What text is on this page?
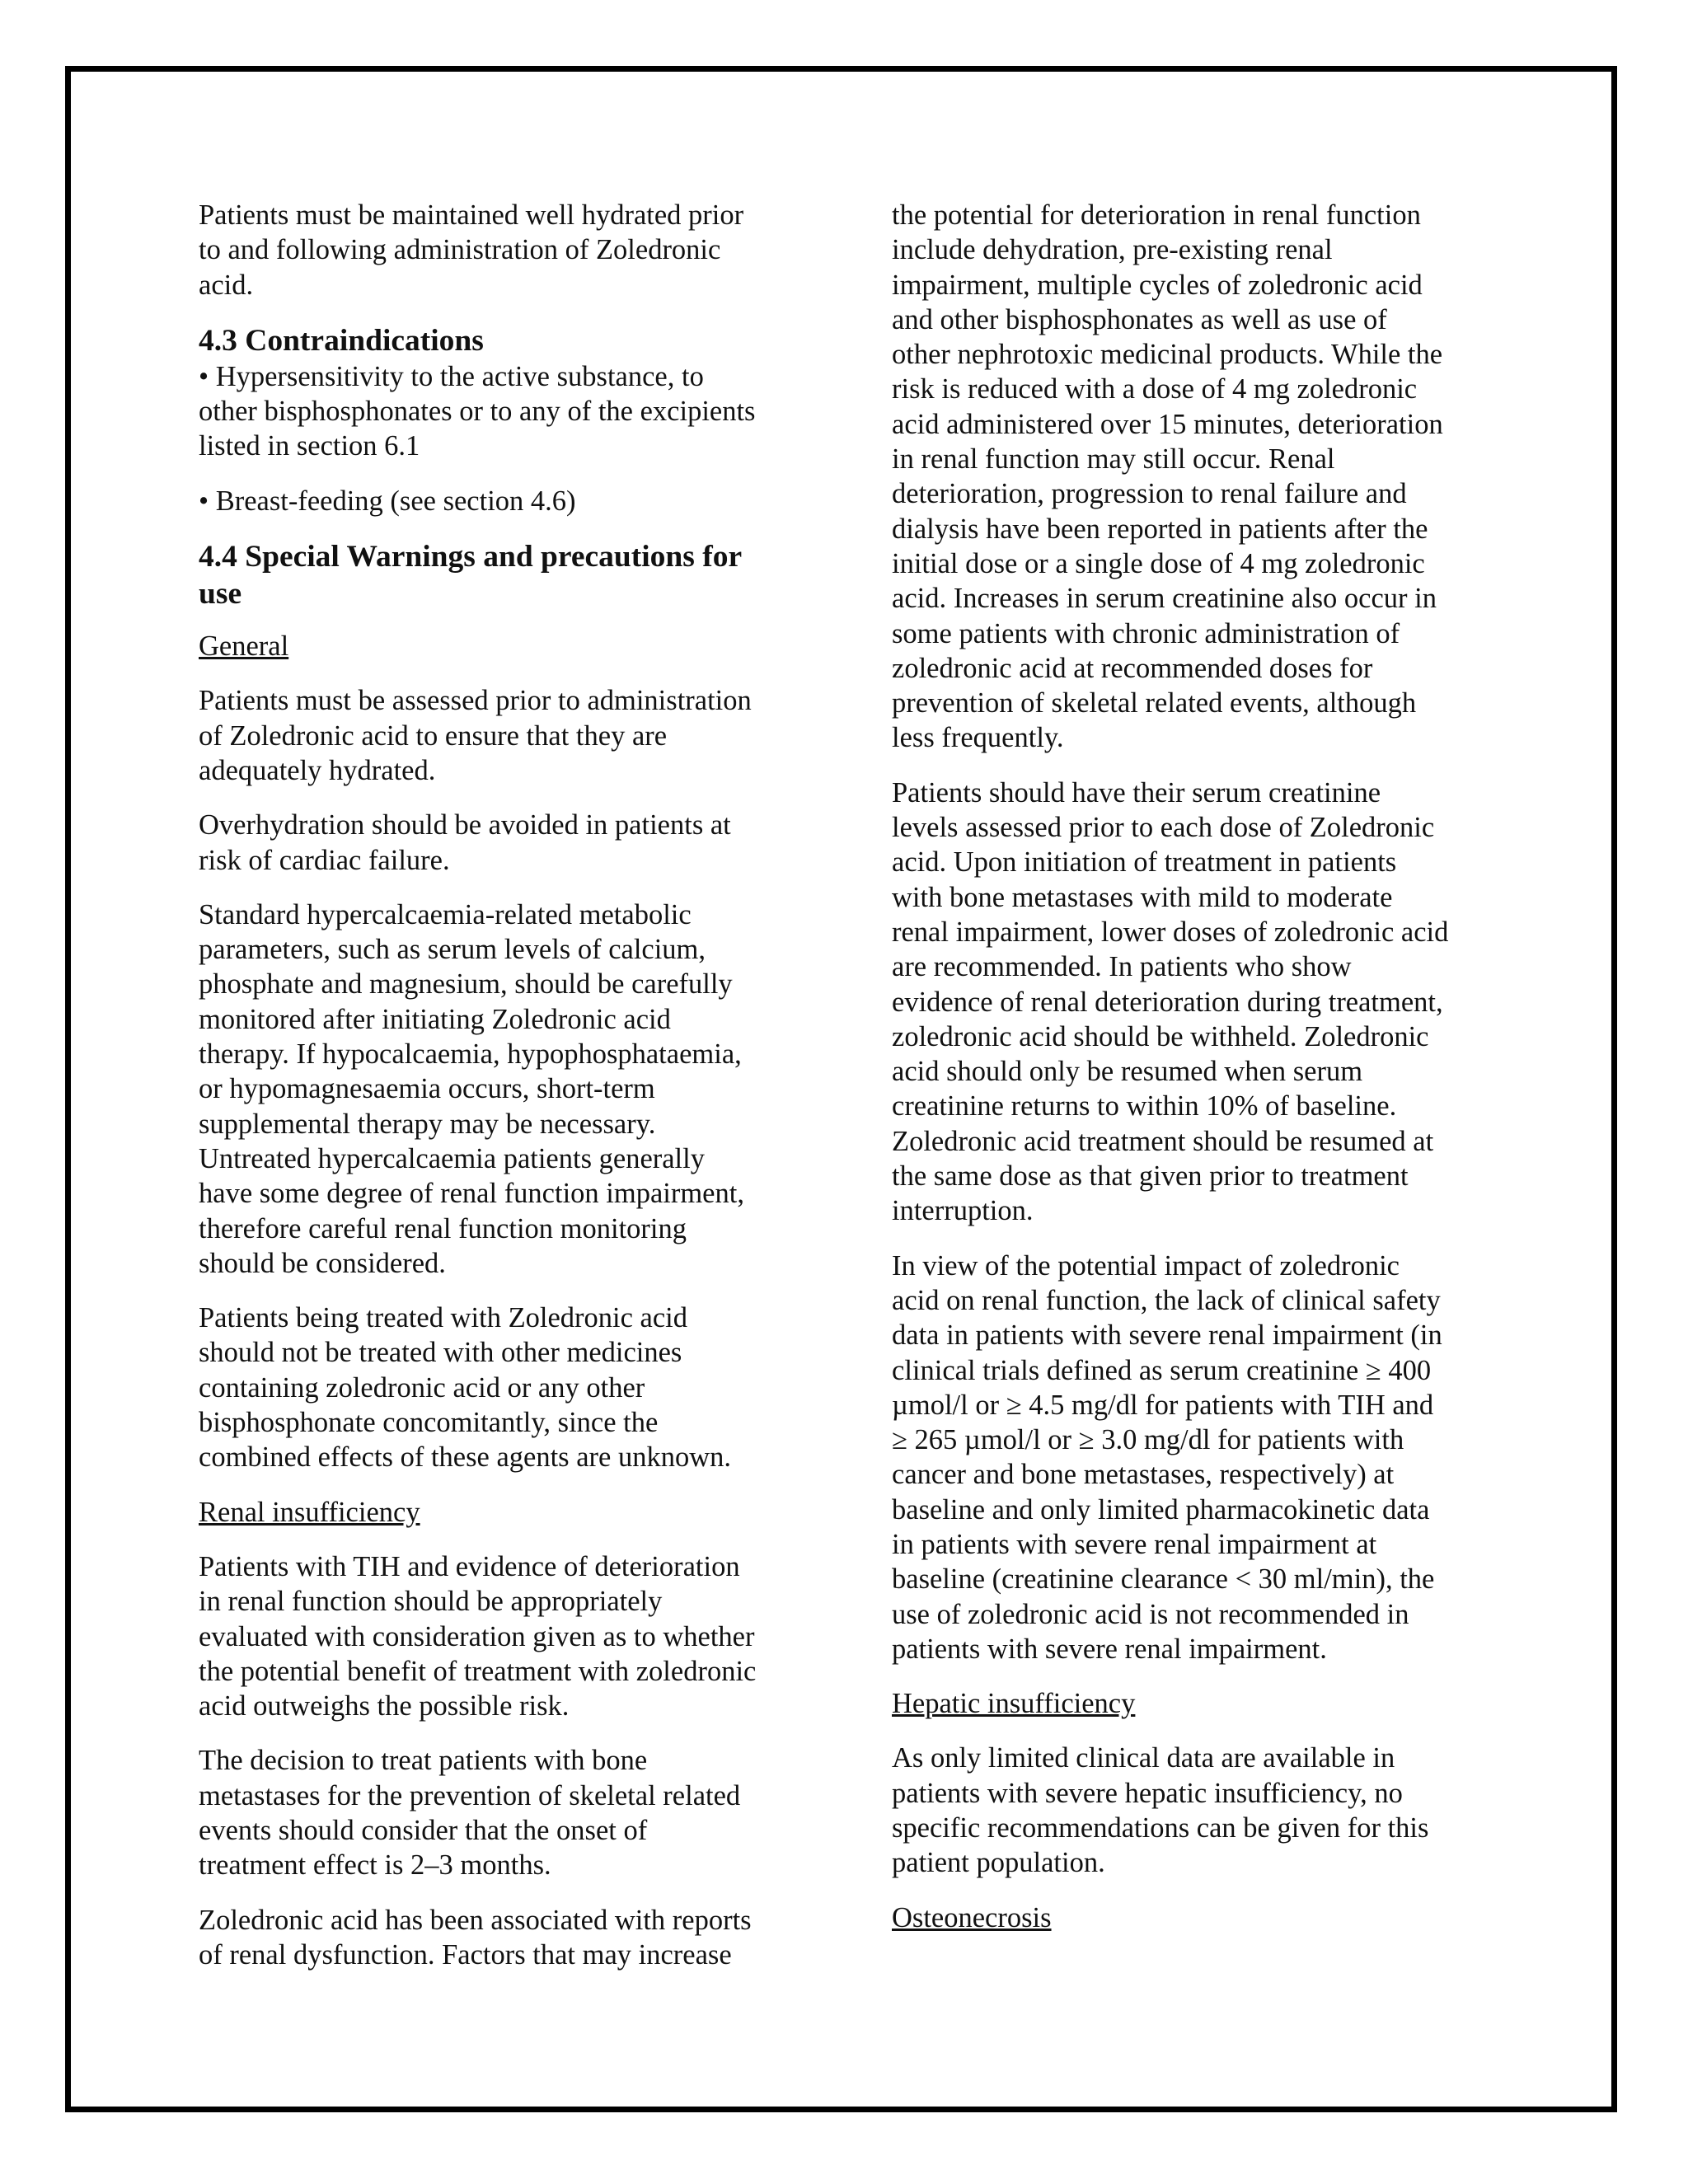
Patients must be maintained well hydrated prior
to and following administration of Zoledronic
acid.
4.3 Contraindications
• Hypersensitivity to the active substance, to
other bisphosphonates or to any of the excipients
listed in section 6.1
• Breast-feeding (see section 4.6)
4.4 Special Warnings and precautions for
use
General
Patients must be assessed prior to administration
of Zoledronic acid to ensure that they are
adequately hydrated.
Overhydration should be avoided in patients at
risk of cardiac failure.
Standard hypercalcaemia-related metabolic
parameters, such as serum levels of calcium,
phosphate and magnesium, should be carefully
monitored after initiating Zoledronic acid
therapy. If hypocalcaemia, hypophosphataemia,
or hypomagnesaemia occurs, short-term
supplemental therapy may be necessary.
Untreated hypercalcaemia patients generally
have some degree of renal function impairment,
therefore careful renal function monitoring
should be considered.
Patients being treated with Zoledronic acid
should not be treated with other medicines
containing zoledronic acid or any other
bisphosphonate concomitantly, since the
combined effects of these agents are unknown.
Renal insufficiency
Patients with TIH and evidence of deterioration
in renal function should be appropriately
evaluated with consideration given as to whether
the potential benefit of treatment with zoledronic
acid outweighs the possible risk.
The decision to treat patients with bone
metastases for the prevention of skeletal related
events should consider that the onset of
treatment effect is 2–3 months.
Zoledronic acid has been associated with reports
of renal dysfunction. Factors that may increase
the potential for deterioration in renal function
include dehydration, pre-existing renal
impairment, multiple cycles of zoledronic acid
and other bisphosphonates as well as use of
other nephrotoxic medicinal products. While the
risk is reduced with a dose of 4 mg zoledronic
acid administered over 15 minutes, deterioration
in renal function may still occur. Renal
deterioration, progression to renal failure and
dialysis have been reported in patients after the
initial dose or a single dose of 4 mg zoledronic
acid. Increases in serum creatinine also occur in
some patients with chronic administration of
zoledronic acid at recommended doses for
prevention of skeletal related events, although
less frequently.
Patients should have their serum creatinine
levels assessed prior to each dose of Zoledronic
acid. Upon initiation of treatment in patients
with bone metastases with mild to moderate
renal impairment, lower doses of zoledronic acid
are recommended. In patients who show
evidence of renal deterioration during treatment,
zoledronic acid should be withheld. Zoledronic
acid should only be resumed when serum
creatinine returns to within 10% of baseline.
Zoledronic acid treatment should be resumed at
the same dose as that given prior to treatment
interruption.
In view of the potential impact of zoledronic
acid on renal function, the lack of clinical safety
data in patients with severe renal impairment (in
clinical trials defined as serum creatinine ≥ 400
µmol/l or ≥ 4.5 mg/dl for patients with TIH and
≥ 265 µmol/l or ≥ 3.0 mg/dl for patients with
cancer and bone metastases, respectively) at
baseline and only limited pharmacokinetic data
in patients with severe renal impairment at
baseline (creatinine clearance < 30 ml/min), the
use of zoledronic acid is not recommended in
patients with severe renal impairment.
Hepatic insufficiency
As only limited clinical data are available in
patients with severe hepatic insufficiency, no
specific recommendations can be given for this
patient population.
Osteonecrosis
